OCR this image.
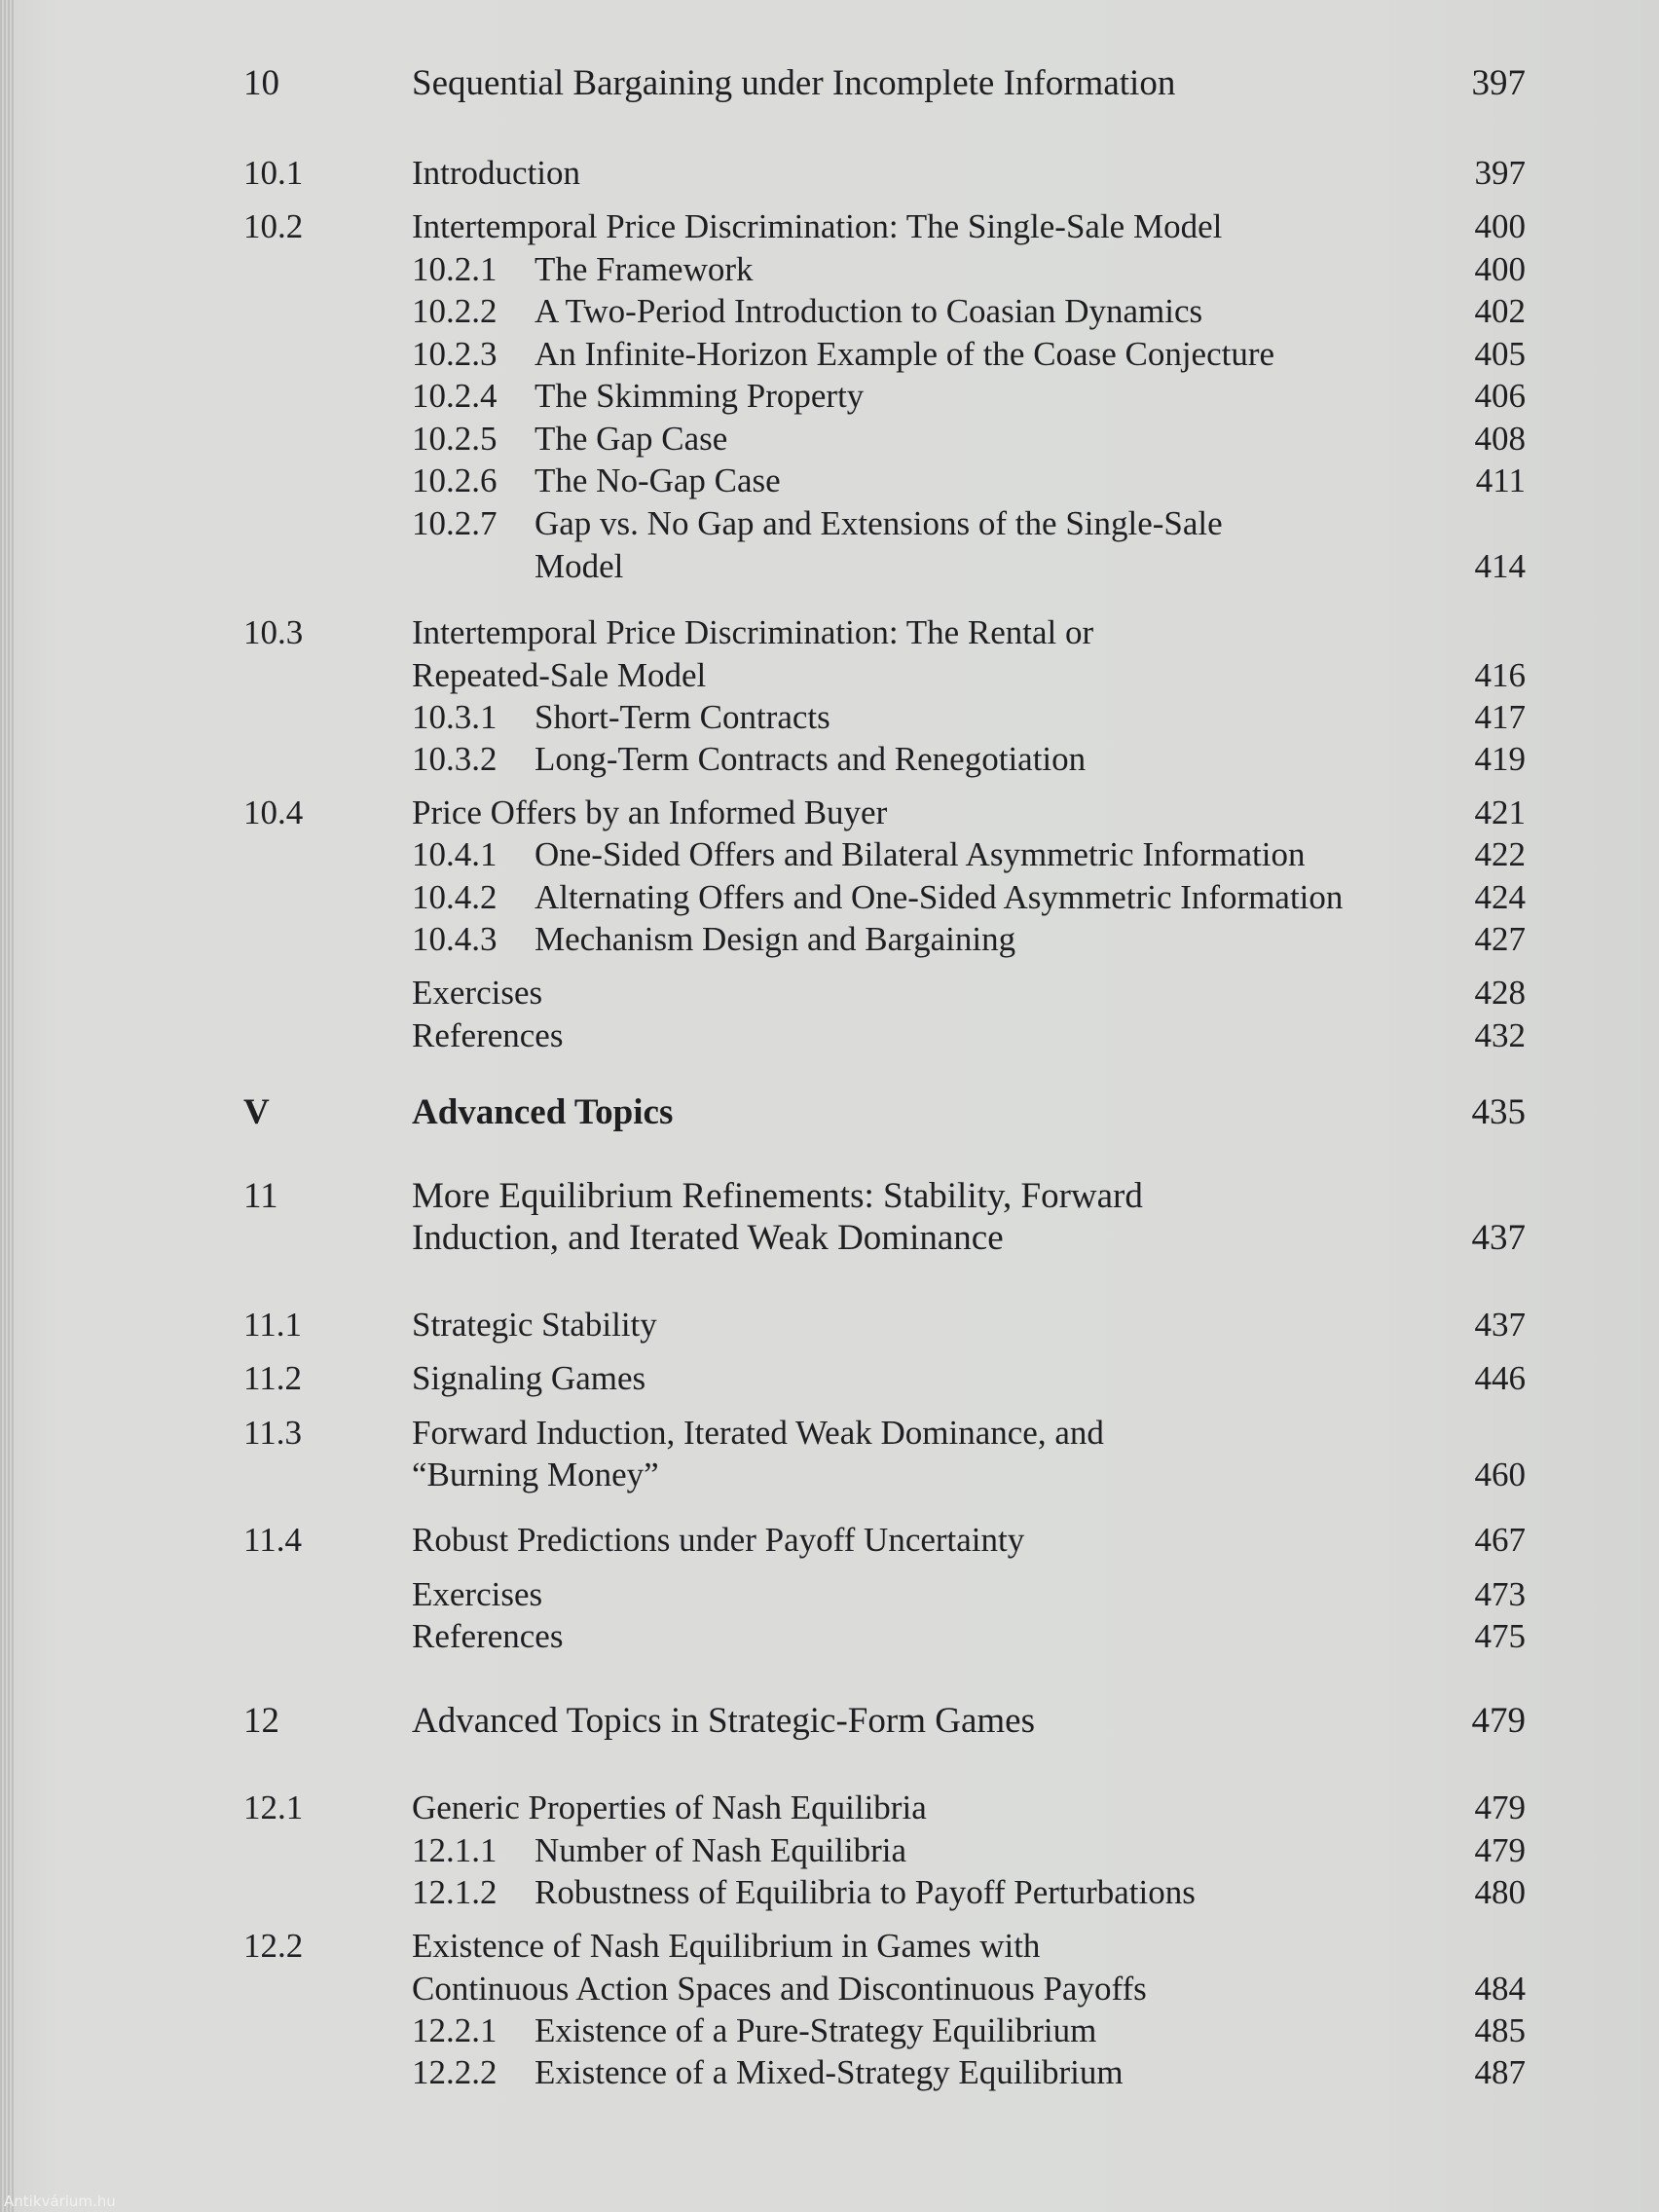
10	Sequential Bargaining under Incomplete Information	397
10.1	Introduction	397
10.2	Intertemporal Price Discrimination: The Single-Sale Model	400
10.2.1 The Framework	400
10.2.2 A Two-Period Introduction to Coasian Dynamics	402
10.2.3 An Infinite-Horizon Example of the Coase Conjecture	405
10.2.4 The Skimming Property	406
10.2.5 The Gap Case	408
10.2.6 The No-Gap Case	411
10.2.7 Gap vs. No Gap and Extensions of the Single-Sale
Model	414
10.3	Intertemporal Price Discrimination: The Rental or
Repeated-Sale Model	416
10.3.1 Short-Term Contracts	417
10.3.2 Long-Term Contracts and Renegotiation	419
10.4	Price Offers by an Informed Buyer	421
10.4.1 One-Sided Offers and Bilateral Asymmetric Information	422
10.4.2 Alternating Offers and One-Sided Asymmetric Information	424
10.4.3 Mechanism Design and Bargaining	427
Exercises	428
References	432
V	Advanced Topics	435
11	More Equilibrium Refinements: Stability, Forward
Induction, and Iterated Weak Dominance	437
11.1	Strategic Stability	437
11.2	Signaling Games	446
11.3	Forward Induction, Iterated Weak Dominance, and
“Burning Money”	460
11.4	Robust Predictions under Payoff Uncertainty	467
Exercises	473
References	475
12	Advanced Topics in Strategic-Form Games	479
12.1	Generic Properties of Nash Equilibria	479
12.1.1 Number of Nash Equilibria	479
12.1.2 Robustness of Equilibria to Payoff Perturbations	480
12.2	Existence of Nash Equilibrium in Games with
Continuous Action Spaces and Discontinuous Payoffs	484
12.2.1 Existence of a Pure-Strategy Equilibrium	485
12.2.2 Existence of a Mixed-Strategy Equilibrium	487
Antikvárium.hu
